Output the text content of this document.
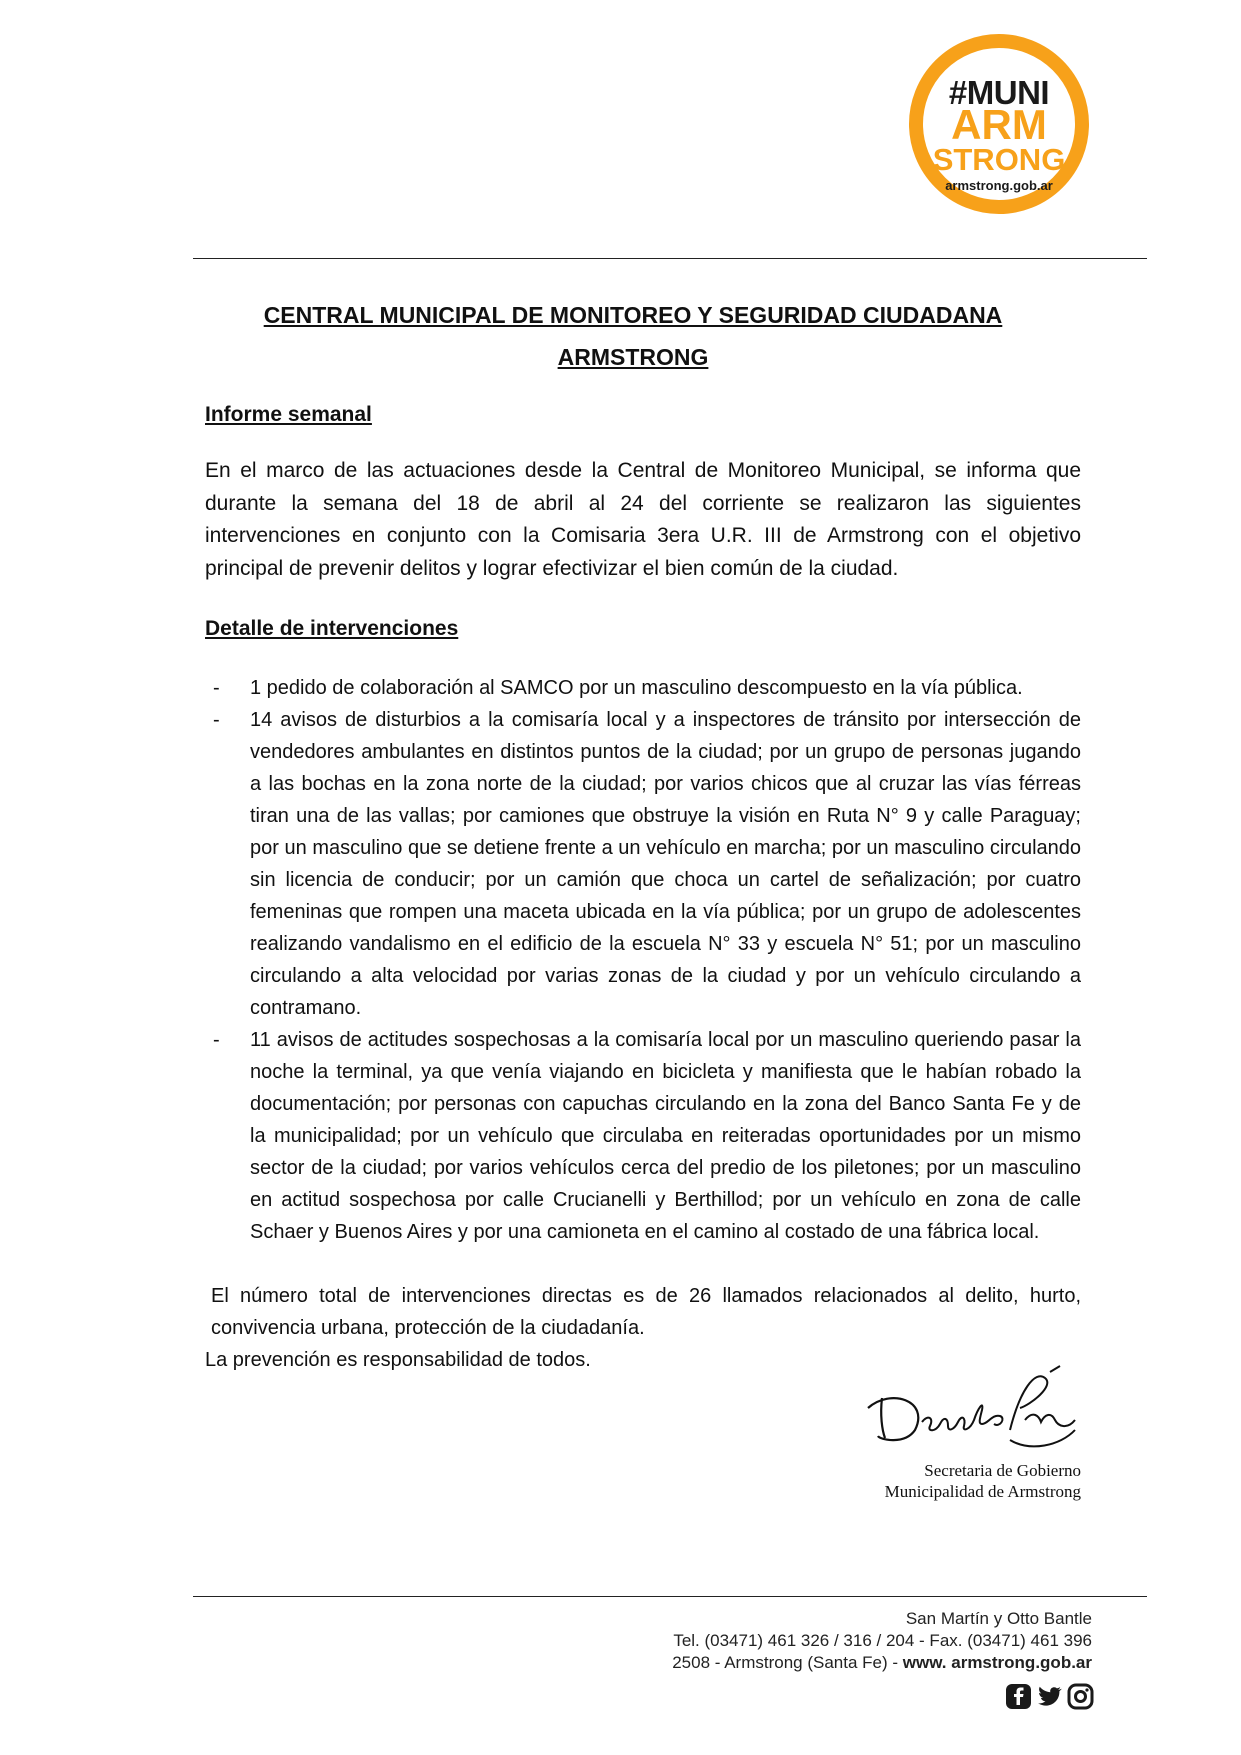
#MUNI
ARM
STRONG
armstrong.gob.ar
CENTRAL MUNICIPAL DE MONITOREO Y SEGURIDAD CIUDADANA
ARMSTRONG
Informe semanal
En el marco de las actuaciones desde la Central de Monitoreo Municipal, se informa que durante la semana del 18 de abril al 24 del corriente se realizaron las siguientes intervenciones en conjunto con la Comisaria 3era U.R. III de Armstrong con el objetivo principal de prevenir delitos y lograr efectivizar el bien común de la ciudad.
Detalle de intervenciones
- 1 pedido de colaboración al SAMCO por un masculino descompuesto en la vía pública.
- 14 avisos de disturbios a la comisaría local y a inspectores de tránsito por intersección de vendedores ambulantes en distintos puntos de la ciudad; por un grupo de personas jugando a las bochas en la zona norte de la ciudad; por varios chicos que al cruzar las vías férreas tiran una de las vallas; por camiones que obstruye la visión en Ruta N° 9 y calle Paraguay; por un masculino que se detiene frente a un vehículo en marcha; por un masculino circulando sin licencia de conducir; por un camión que choca un cartel de señalización; por cuatro femeninas que rompen una maceta ubicada en la vía pública; por un grupo de adolescentes realizando vandalismo en el edificio de la escuela N° 33 y escuela N° 51; por un masculino circulando a alta velocidad por varias zonas de la ciudad y por un vehículo circulando a contramano.
- 11 avisos de actitudes sospechosas a la comisaría local por un masculino queriendo pasar la noche la terminal, ya que venía viajando en bicicleta y manifiesta que le habían robado la documentación; por personas con capuchas circulando en la zona del Banco Santa Fe y de la municipalidad; por un vehículo que circulaba en reiteradas oportunidades por un mismo sector de la ciudad; por varios vehículos cerca del predio de los piletones; por un masculino en actitud sospechosa por calle Crucianelli y Berthillod; por un vehículo en zona de calle Schaer y Buenos Aires y por una camioneta en el camino al costado de una fábrica local.
El número total de intervenciones directas es de 26 llamados relacionados al delito, hurto, convivencia urbana, protección de la ciudadanía.
La prevención es responsabilidad de todos.
Secretaria de Gobierno
Municipalidad de Armstrong
San Martín y Otto Bantle
Tel. (03471) 461 326 / 316 / 204 - Fax. (03471) 461 396
2508 - Armstrong (Santa Fe) - www. armstrong.gob.ar
